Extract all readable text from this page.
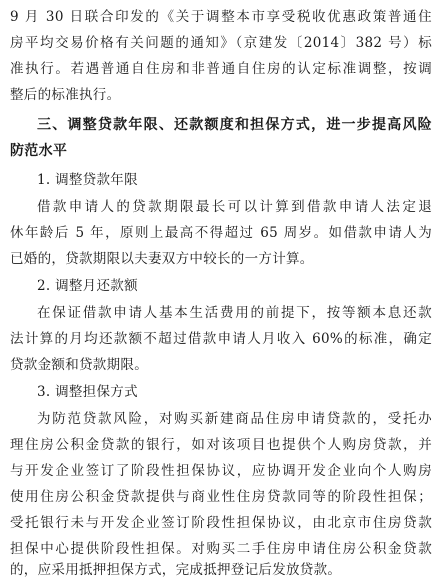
9 月 30 日联合印发的《关于调整本市享受税收优惠政策普通住
房平均交易价格有关问题的通知》（京建发〔2014〕382 号）标
准执行。若遇普通自住房和非普通自住房的认定标准调整，按调
整后的标准执行。
三、调整贷款年限、还款额度和担保方式，进一步提高风险
防范水平
1. 调整贷款年限
借款申请人的贷款期限最长可以计算到借款申请人法定退
休年龄后 5 年，原则上最高不得超过 65 周岁。如借款申请人为
已婚的，贷款期限以夫妻双方中较长的一方计算。
2. 调整月还款额
在保证借款申请人基本生活费用的前提下，按等额本息还款
法计算的月均还款额不超过借款申请人月收入 60%的标准，确定
贷款金额和贷款期限。
3. 调整担保方式
为防范贷款风险，对购买新建商品住房申请贷款的，受托办
理住房公积金贷款的银行，如对该项目也提供个人购房贷款，并
与开发企业签订了阶段性担保协议，应协调开发企业向个人购房
使用住房公积金贷款提供与商业性住房贷款同等的阶段性担保；
受托银行未与开发企业签订阶段性担保协议，由北京市住房贷款
担保中心提供阶段性担保。对购买二手住房申请住房公积金贷款
的，应采用抵押担保方式，完成抵押登记后发放贷款。
